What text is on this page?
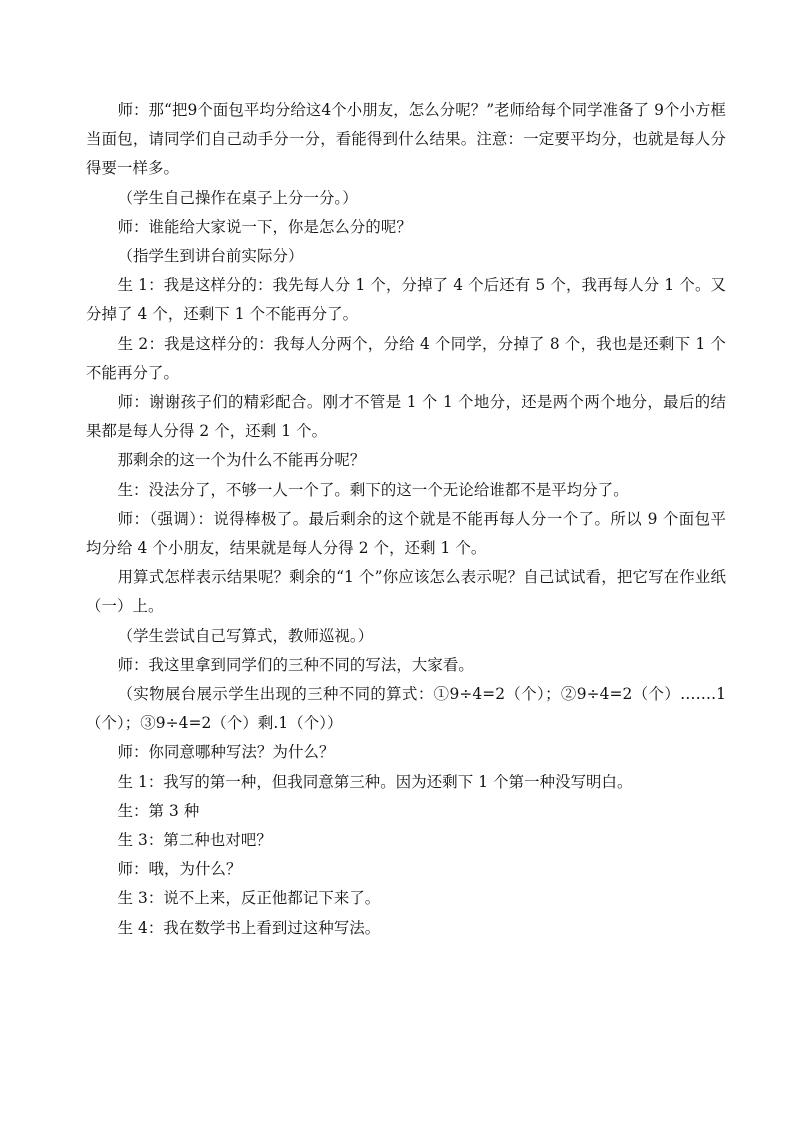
师：那“把9个面包平均分给这4个小朋友，怎么分呢？”老师给每个同学准备了 9个小方框当面包，请同学们自己动手分一分，看能得到什么结果。注意：一定要平均分，也就是每人分得要一样多。

（学生自己操作在桌子上分一分。）

师：谁能给大家说一下，你是怎么分的呢？

（指学生到讲台前实际分）

生 1：我是这样分的：我先每人分 1 个，分掉了 4 个后还有 5 个，我再每人分 1 个。又分掉了 4 个，还剩下 1 个不能再分了。

生 2：我是这样分的：我每人分两个，分给 4 个同学，分掉了 8 个，我也是还剩下 1 个不能再分了。

师：谢谢孩子们的精彩配合。刚才不管是 1 个 1 个地分，还是两个两个地分，最后的结果都是每人分得 2 个，还剩 1 个。

那剩余的这一个为什么不能再分呢？

生：没法分了，不够一人一个了。剩下的这一个无论给谁都不是平均分了。

师：（强调）：说得棒极了。最后剩余的这个就是不能再每人分一个了。所以 9 个面包平均分给 4 个小朋友，结果就是每人分得 2 个，还剩 1 个。

用算式怎样表示结果呢？剩余的“1 个”你应该怎么表示呢？自己试试看，把它写在作业纸（一）上。

（学生尝试自己写算式，教师巡视。）

师：我这里拿到同学们的三种不同的写法，大家看。

（实物展台展示学生出现的三种不同的算式：①9÷4=2（个）；②9÷4=2（个）…….1（个）；③9÷4=2（个）剩.1（个））

师：你同意哪种写法？为什么？

生 1：我写的第一种，但我同意第三种。因为还剩下 1 个第一种没写明白。

生：第 3 种

生 3：第二种也对吧？

师：哦，为什么？

生 3：说不上来，反正他都记下来了。

生 4：我在数学书上看到过这种写法。
